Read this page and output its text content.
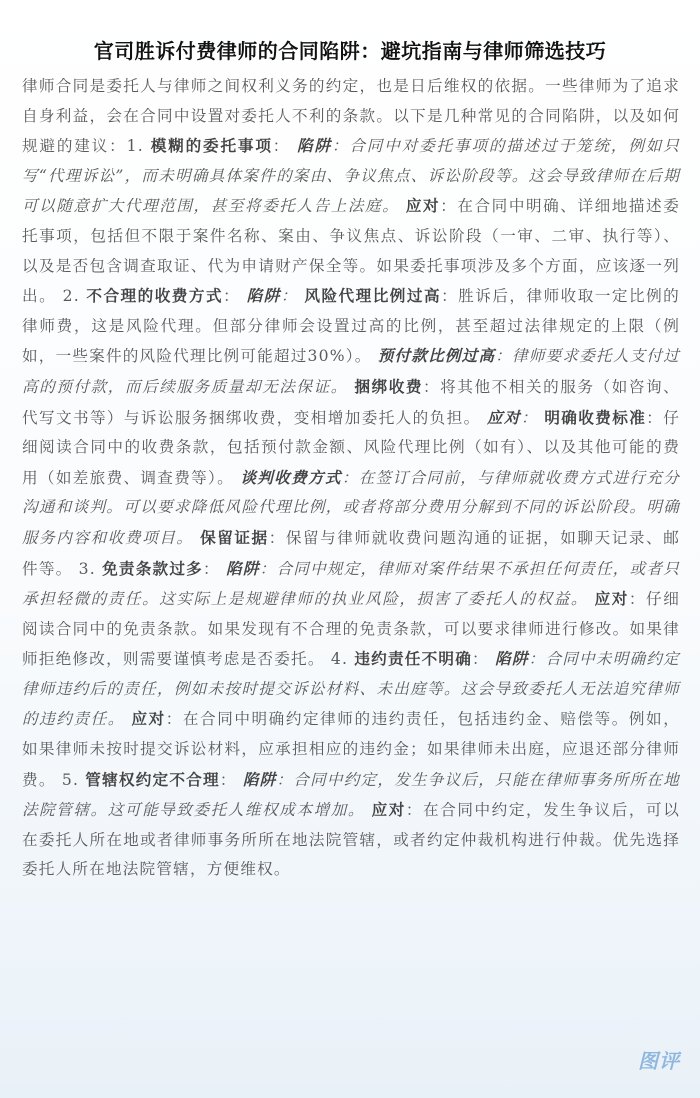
官司胜诉付费律师的合同陷阱：避坑指南与律师筛选技巧

律师合同是委托人与律师之间权利义务的约定，也是日后维权的依据。一些律师为了追求自身利益，会在合同中设置对委托人不利的条款。以下是几种常见的合同陷阱，以及如何规避的建议：1. 模糊的委托事项： 陷阱：合同中对委托事项的描述过于笼统，例如只写“代理诉讼”，而未明确具体案件的案由、争议焦点、诉讼阶段等。这会导致律师在后期可以随意扩大代理范围，甚至将委托人告上法庭。 应对：在合同中明确、详细地描述委托事项，包括但不限于案件名称、案由、争议焦点、诉讼阶段（一审、二审、执行等）、以及是否包含调查取证、代为申请财产保全等。如果委托事项涉及多个方面，应该逐一列出。 2. 不合理的收费方式： 陷阱： 风险代理比例过高：胜诉后，律师收取一定比例的律师费，这是风险代理。但部分律师会设置过高的比例，甚至超过法律规定的上限（例如，一些案件的风险代理比例可能超过30%）。 预付款比例过高：律师要求委托人支付过高的预付款，而后续服务质量却无法保证。 捆绑收费：将其他不相关的服务（如咨询、代写文书等）与诉讼服务捆绑收费，变相增加委托人的负担。 应对： 明确收费标准：仔细阅读合同中的收费条款，包括预付款金额、风险代理比例（如有）、以及其他可能的费用（如差旅费、调查费等）。 谈判收费方式：在签订合同前，与律师就收费方式进行充分沟通和谈判。可以要求降低风险代理比例，或者将部分费用分解到不同的诉讼阶段。明确服务内容和收费项目。 保留证据：保留与律师就收费问题沟通的证据，如聊天记录、邮件等。 3. 免责条款过多： 陷阱：合同中规定，律师对案件结果不承担任何责任，或者只承担轻微的责任。这实际上是规避律师的执业风险，损害了委托人的权益。 应对：仔细阅读合同中的免责条款。如果发现有不合理的免责条款，可以要求律师进行修改。如果律师拒绝修改，则需要谨慎考虑是否委托。 4. 违约责任不明确： 陷阱：合同中未明确约定律师违约后的责任，例如未按时提交诉讼材料、未出庭等。这会导致委托人无法追究律师的违约责任。 应对：在合同中明确约定律师的违约责任，包括违约金、赔偿等。例如，如果律师未按时提交诉讼材料，应承担相应的违约金；如果律师未出庭，应退还部分律师费。 5. 管辖权约定不合理： 陷阱：合同中约定，发生争议后，只能在律师事务所所在地法院管辖。这可能导致委托人维权成本增加。 应对：在合同中约定，发生争议后，可以在委托人所在地或者律师事务所所在地法院管辖，或者约定仲裁机构进行仲裁。优先选择委托人所在地法院管辖，方便维权。

图评
